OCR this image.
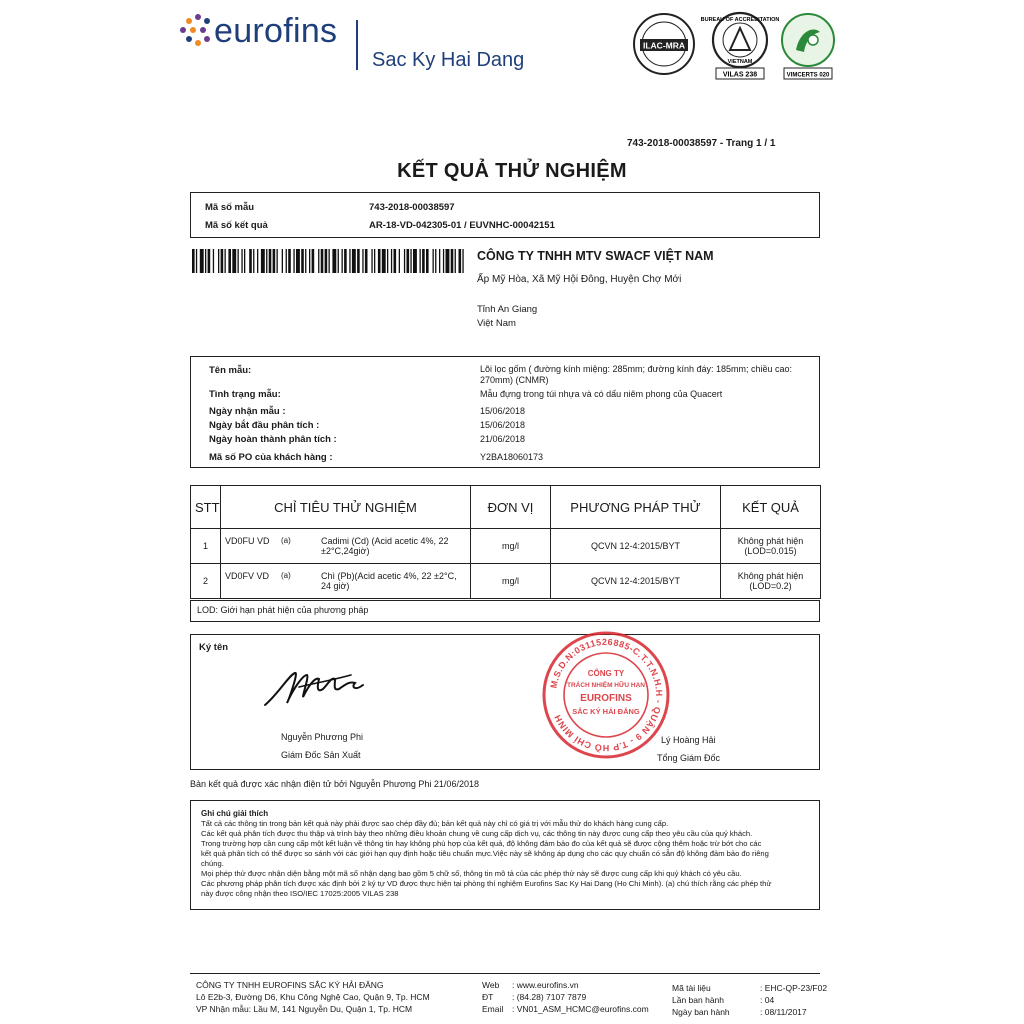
eurofins
Sac Ky Hai Dang
ILAC-MRA
BUREAU OF ACCREDITATION
VIETNAM
VILAS 238	VIMCERTS 020
743-2018-00038597 - Trang 1 / 1
KẾT QUẢ THỬ NGHIỆM
Mã số mẫu	743-2018-00038597
Mã số kết quả	AR-18-VD-042305-01 / EUVNHC-00042151
CÔNG TY TNHH MTV SWACF VIỆT NAM
Ấp Mỹ Hòa, Xã Mỹ Hội Đông, Huyện Chợ Mới
Tỉnh An Giang
Việt Nam
Tên mẫu:	Lõi lọc gốm ( đường kính miệng: 285mm; đường kính đáy: 185mm; chiều cao: 270mm) (CNMR)
Tình trạng mẫu:	Mẫu đựng trong túi nhựa và có dấu niêm phong của Quacert
Ngày nhận mẫu :	15/06/2018
Ngày bắt đầu phân tích :	15/06/2018
Ngày hoàn thành phân tích :	21/06/2018
Mã số PO của khách hàng :	Y2BA18060173
STT	CHỈ TIÊU THỬ NGHIỆM	ĐƠN VỊ	PHƯƠNG PHÁP THỬ	KẾT QUẢ
1	VD0FU VD (a) Cadimi (Cd) (Acid acetic 4%, 22 ±2°C,24giờ)	mg/l	QCVN 12-4:2015/BYT	Không phát hiện (LOD=0.015)
2	VD0FV VD (a) Chì (Pb)(Acid acetic 4%, 22 ±2°C, 24 giờ)	mg/l	QCVN 12-4:2015/BYT	Không phát hiện (LOD=0.2)
LOD: Giới hạn phát hiện của phương pháp
Ký tên
Nguyễn Phương Phi
Giám Đốc Sản Xuất
Lý Hoàng Hải
Tổng Giám Đốc
M.S.D.N:0311526885-C.T.T.N.H.H - QUẬN 9 - T.P HỒ CHÍ MINH
CÔNG TY
TRÁCH NHIỆM HỮU HẠN
EUROFINS
SẮC KÝ HẢI ĐĂNG
Bản kết quả được xác nhận điện tử bởi Nguyễn Phương Phi 21/06/2018

Ghi chú giải thích

Tất cả các thông tin trong bản kết quả này phải được sao chép đầy đủ; bản kết quả này chỉ có giá trị với mẫu thử do khách hàng cung cấp.

Các kết quả phân tích được thu thập và trình bày theo những điều khoản chung về cung cấp dịch vụ, các thông tin này được cung cấp theo yêu cầu của quý khách.

Trong trường hợp cần cung cấp một kết luận về thông tin hay không phù hợp của kết quả, độ không đảm bảo đo của kết quả sẽ được cộng thêm hoặc trừ bớt cho các

kết quả phân tích có thể được so sánh với các giới hạn quy định hoặc tiêu chuẩn mực.Việc này sẽ không áp dụng cho các quy chuẩn có sẵn độ không đảm bảo đo riêng

chúng.

Mọi phép thử được nhận diện bằng một mã số nhận dạng bao gồm 5 chữ số, thông tin mô tả của các phép thử này sẽ được cung cấp khi quý khách có yêu cầu.

Các phương pháp phân tích được xác định bởi 2 ký tự VD được thực hiện tại phòng thí nghiệm Eurofins Sac Ky Hai Dang (Ho Chi Minh). (a) chú thích rằng các phép thử

này được công nhận theo ISO/IEC 17025:2005 VILAS 238

CÔNG TY TNHH EUROFINS SẮC KÝ HẢI ĐĂNG
Lô E2b-3, Đường D6, Khu Công Nghệ Cao, Quận 9, Tp. HCM
VP Nhận mẫu: Lầu M, 141 Nguyễn Du, Quận 1, Tp. HCM
Web : www.eurofins.vn
ĐT : (84.28) 7107 7879
Email : VN01_ASM_HCMC@eurofins.com
Mã tài liệu	: EHC-QP-23/F02
Lần ban hành	: 04
Ngày ban hành	: 08/11/2017
